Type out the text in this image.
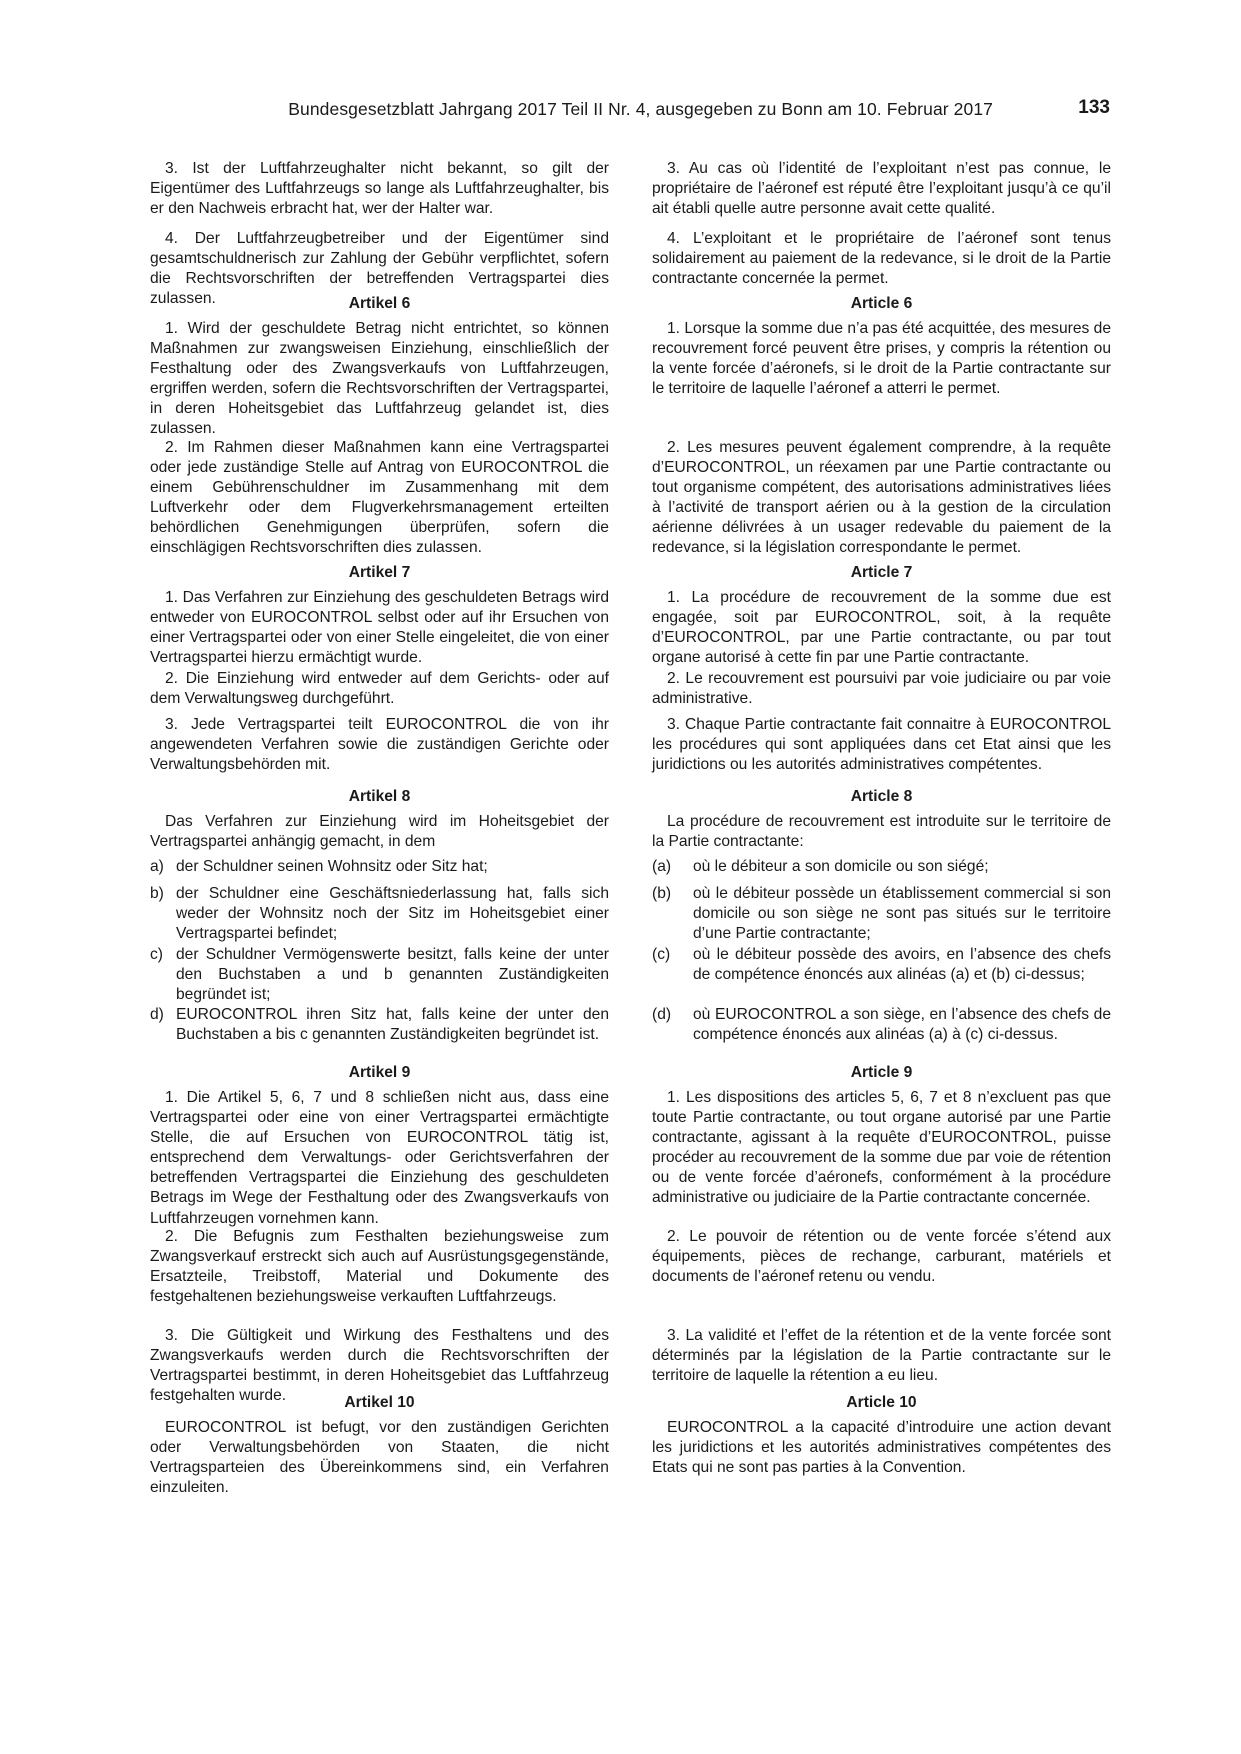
Bundesgesetzblatt Jahrgang 2017 Teil II Nr. 4, ausgegeben zu Bonn am 10. Februar 2017	133

3. Ist der Luftfahrzeughalter nicht bekannt, so gilt der Eigentümer des Luftfahrzeugs so lange als Luftfahrzeughalter, bis er den Nachweis erbracht hat, wer der Halter war.

4. Der Luftfahrzeugbetreiber und der Eigentümer sind gesamtschuldnerisch zur Zahlung der Gebühr verpflichtet, sofern die Rechtsvorschriften der betreffenden Vertragspartei dies zulassen.	Artikel 6

1. Wird der geschuldete Betrag nicht entrichtet, so können Maßnahmen zur zwangsweisen Einziehung, einschließlich der Festhaltung oder des Zwangsverkaufs von Luftfahrzeugen, ergriffen werden, sofern die Rechtsvorschriften der Vertragspartei, in deren Hoheitsgebiet das Luftfahrzeug gelandet ist, dies zulassen.

2. Im Rahmen dieser Maßnahmen kann eine Vertragspartei oder jede zuständige Stelle auf Antrag von EUROCONTROL die einem Gebührenschuldner im Zusammenhang mit dem Luftverkehr oder dem Flugverkehrsmanagement erteilten behördlichen Genehmigungen überprüfen, sofern die einschlägigen Rechtsvorschriften dies zulassen.

Artikel 7

1. Das Verfahren zur Einziehung des geschuldeten Betrags wird entweder von EUROCONTROL selbst oder auf ihr Ersuchen von einer Vertragspartei oder von einer Stelle eingeleitet, die von einer Vertragspartei hierzu ermächtigt wurde.

2. Die Einziehung wird entweder auf dem Gerichts- oder auf dem Verwaltungsweg durchgeführt.

3. Jede Vertragspartei teilt EUROCONTROL die von ihr angewendeten Verfahren sowie die zuständigen Gerichte oder Verwaltungsbehörden mit.

Artikel 8

Das Verfahren zur Einziehung wird im Hoheitsgebiet der Vertragspartei anhängig gemacht, in dem

a) der Schuldner seinen Wohnsitz oder Sitz hat;
b) der Schuldner eine Geschäftsniederlassung hat, falls sich weder der Wohnsitz noch der Sitz im Hoheitsgebiet einer Vertragspartei befindet;
c) der Schuldner Vermögenswerte besitzt, falls keine der unter den Buchstaben a und b genannten Zuständigkeiten begründet ist;
d) EUROCONTROL ihren Sitz hat, falls keine der unter den Buchstaben a bis c genannten Zuständigkeiten begründet ist.
Artikel 9

1. Die Artikel 5, 6, 7 und 8 schließen nicht aus, dass eine Vertragspartei oder eine von einer Vertragspartei ermächtigte Stelle, die auf Ersuchen von EUROCONTROL tätig ist, entsprechend dem Verwaltungs- oder Gerichtsverfahren der betreffenden Vertragspartei die Einziehung des geschuldeten Betrags im Wege der Festhaltung oder des Zwangsverkaufs von Luftfahrzeugen vornehmen kann.

2. Die Befugnis zum Festhalten beziehungsweise zum Zwangsverkauf erstreckt sich auch auf Ausrüstungsgegenstände, Ersatzteile, Treibstoff, Material und Dokumente des festgehaltenen beziehungsweise verkauften Luftfahrzeugs.

3. Die Gültigkeit und Wirkung des Festhaltens und des Zwangsverkaufs werden durch die Rechtsvorschriften der Vertragspartei bestimmt, in deren Hoheitsgebiet das Luftfahrzeug festgehalten wurde.	Artikel 10

EUROCONTROL ist befugt, vor den zuständigen Gerichten oder Verwaltungsbehörden von Staaten, die nicht Vertragsparteien des Übereinkommens sind, ein Verfahren einzuleiten.

3. Au cas où l’identité de l’exploitant n’est pas connue, le propriétaire de l’aéronef est réputé être l’exploitant jusqu’à ce qu’il ait établi quelle autre personne avait cette qualité.

4. L’exploitant et le propriétaire de l’aéronef sont tenus solidairement au paiement de la redevance, si le droit de la Partie contractante concernée la permet.

Article 6

1. Lorsque la somme due n’a pas été acquittée, des mesures de recouvrement forcé peuvent être prises, y compris la rétention ou la vente forcée d’aéronefs, si le droit de la Partie contractante sur le territoire de laquelle l’aéronef a atterri le permet.

2. Les mesures peuvent également comprendre, à la requête d’EUROCONTROL, un réexamen par une Partie contractante ou tout organisme compétent, des autorisations administratives liées à l’activité de transport aérien ou à la gestion de la circulation aérienne délivrées à un usager redevable du paiement de la redevance, si la législation correspondante le permet.

Article 7

1. La procédure de recouvrement de la somme due est engagée, soit par EUROCONTROL, soit, à la requête d’EUROCONTROL, par une Partie contractante, ou par tout organe autorisé à cette fin par une Partie contractante.

2. Le recouvrement est poursuivi par voie judiciaire ou par voie administrative.

3. Chaque Partie contractante fait connaitre à EUROCONTROL les procédures qui sont appliquées dans cet Etat ainsi que les juridictions ou les autorités administratives compétentes.

Article 8

La procédure de recouvrement est introduite sur le territoire de la Partie contractante:

(a) où le débiteur a son domicile ou son siégé;
(b) où le débiteur possède un établissement commercial si son domicile ou son siège ne sont pas situés sur le territoire d’une Partie contractante;
(c) où le débiteur possède des avoirs, en l’absence des chefs de compétence énoncés aux alinéas (a) et (b) ci-dessus;
(d) où EUROCONTROL a son siège, en l’absence des chefs de compétence énoncés aux alinéas (a) à (c) ci-dessus.
Article 9

1. Les dispositions des articles 5, 6, 7 et 8 n’excluent pas que toute Partie contractante, ou tout organe autorisé par une Partie contractante, agissant à la requête d’EUROCONTROL, puisse procéder au recouvrement de la somme due par voie de rétention ou de vente forcée d’aéronefs, conformément à la procédure administrative ou judiciaire de la Partie contractante concernée.

2. Le pouvoir de rétention ou de vente forcée s’étend aux équipements, pièces de rechange, carburant, matériels et documents de l’aéronef retenu ou vendu.

3. La validité et l’effet de la rétention et de la vente forcée sont déterminés par la législation de la Partie contractante sur le territoire de laquelle la rétention a eu lieu.

Article 10

EUROCONTROL a la capacité d’introduire une action devant les juridictions et les autorités administratives compétentes des Etats qui ne sont pas parties à la Convention.
